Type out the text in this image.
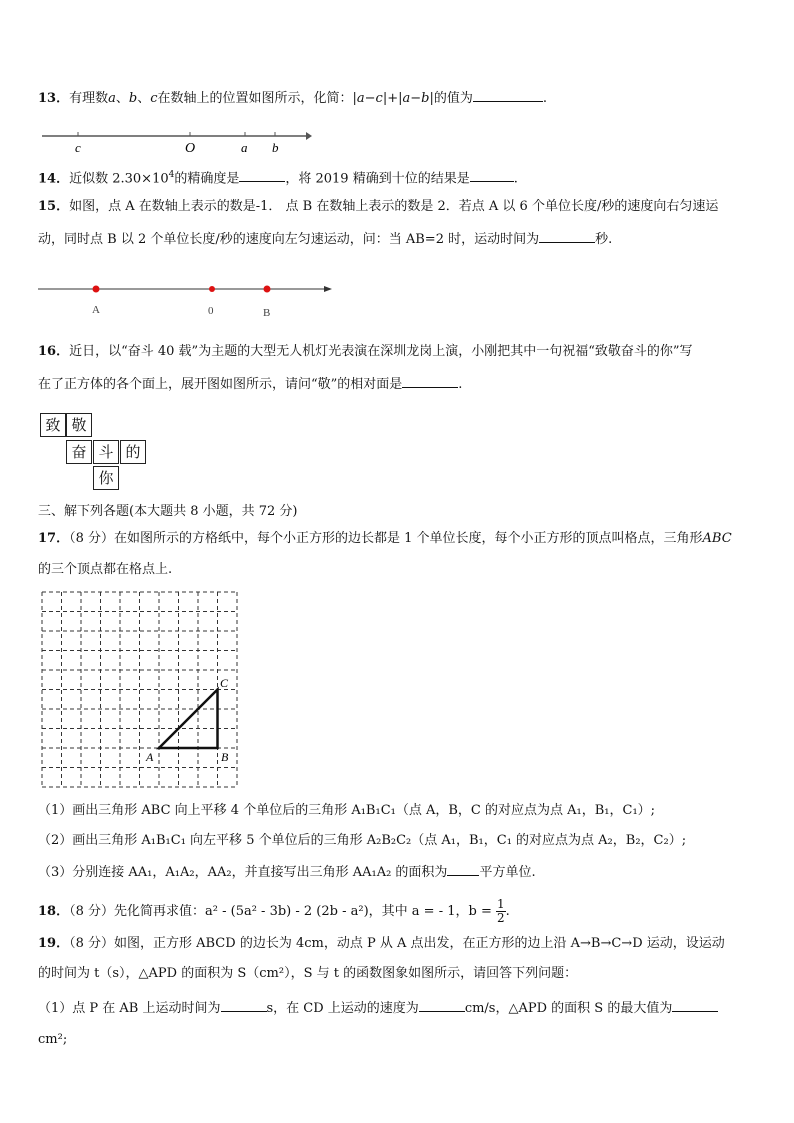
13．有理数a、b、c在数轴上的位置如图所示，化简：|a−c|+|a−b|的值为	.
c	O	a b
14．近似数 $2.30\times 10^4$的精确度是	，将 2019 精确到十位的结果是	.
15．如图，点 A 在数轴上表示的数是-1． 点 B 在数轴上表示的数是 2．若点 A 以 6 个单位长度/秒的速度向右匀速运
动，同时点 B 以 2 个单位长度/秒的速度向左匀速运动，问：当 AB=2 时，运动时间为	秒.
A	0	B
16．近日，以“奋斗 40 载”为主题的大型无人机灯光表演在深圳龙岗上演，小刚把其中一句祝福“致敬奋斗的你”写
在了正方体的各个面上，展开图如图所示，请问“敬”的相对面是	.
致 敬
奋 斗 的
你
三、解下列各题(本大题共 8 小题，共 72 分)
17．（8 分）在如图所示的方格纸中，每个小正方形的边长都是 1 个单位长度，每个小正方形的顶点叫格点，三角形ABC
的三个顶点都在格点上.
A	B
C
（1）画出三角形 ABC 向上平移 4 个单位后的三角形 A₁B₁C₁（点 A，B，C 的对应点为点 A₁，B₁，C₁）;
（2）画出三角形 A₁B₁C₁ 向左平移 5 个单位后的三角形 A₂B₂C₂（点 A₁，B₁，C₁ 的对应点为点 A₂，B₂，C₂）;
（3）分别连接 AA₁，A₁A₂，AA₂，并直接写出三角形 AA₁A₂ 的面积为 平方单位.
18．（8 分）先化简再求值：a² - (5a² - 3b) - 2 (2b - a²)，其中 a = - 1，$b = \frac{1}{2}$ .
19．（8 分）如图，正方形 ABCD 的边长为 4cm，动点 P 从 A 点出发，在正方形的边上沿 A→B→C→D 运动，设运动
的时间为 t（s），△APD 的面积为 S（cm²），S 与 t 的函数图象如图所示，请回答下列问题：
（1）点 P 在 AB 上运动时间为	s，在 CD 上运动的速度为	cm/s，△APD 的面积 S 的最大值为
cm²;
